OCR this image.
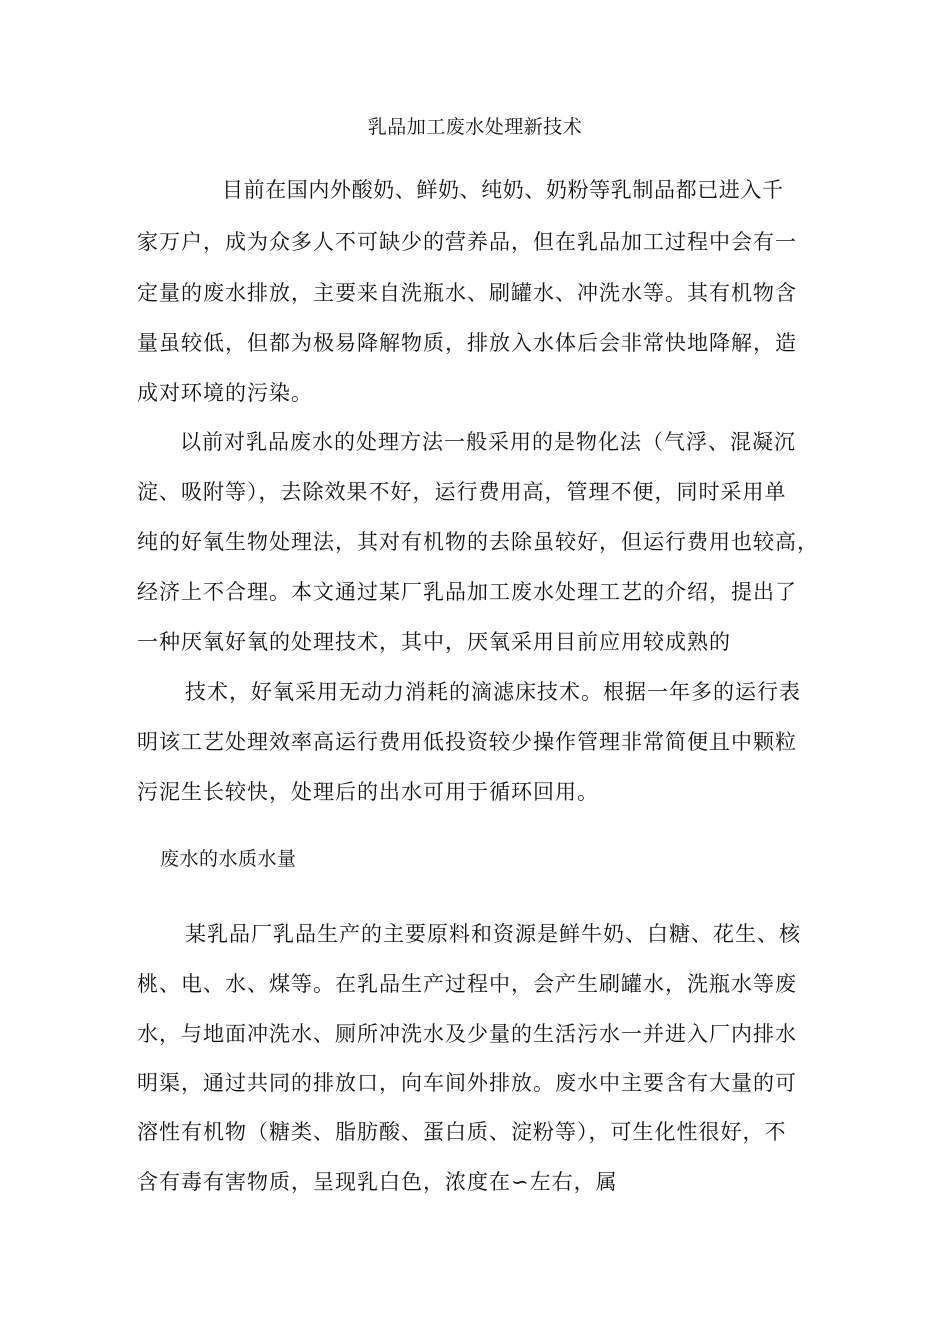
乳品加工废水处理新技术
目前在国内外酸奶、鲜奶、纯奶、奶粉等乳制品都已进入千
家万户，成为众多人不可缺少的营养品，但在乳品加工过程中会有一
定量的废水排放，主要来自洗瓶水、刷罐水、冲洗水等。其有机物含
量虽较低，但都为极易降解物质，排放入水体后会非常快地降解，造
成对环境的污染。
以前对乳品废水的处理方法一般采用的是物化法（气浮、混凝沉
淀、吸附等），去除效果不好，运行费用高，管理不便，同时采用单
纯的好氧生物处理法，其对有机物的去除虽较好，但运行费用也较高，
经济上不合理。本文通过某厂乳品加工废水处理工艺的介绍，提出了
一种厌氧好氧的处理技术，其中，厌氧采用目前应用较成熟的
技术，好氧采用无动力消耗的滴滤床技术。根据一年多的运行表
明该工艺处理效率高运行费用低投资较少操作管理非常简便且中颗粒
污泥生长较快，处理后的出水可用于循环回用。
废水的水质水量
某乳品厂乳品生产的主要原料和资源是鲜牛奶、白糖、花生、核
桃、电、水、煤等。在乳品生产过程中，会产生刷罐水，洗瓶水等废
水，与地面冲洗水、厕所冲洗水及少量的生活污水一并进入厂内排水
明渠，通过共同的排放口，向车间外排放。废水中主要含有大量的可
溶性有机物（糖类、脂肪酸、蛋白质、淀粉等），可生化性很好，不
含有毒有害物质，呈现乳白色，浓度在∽左右，属
